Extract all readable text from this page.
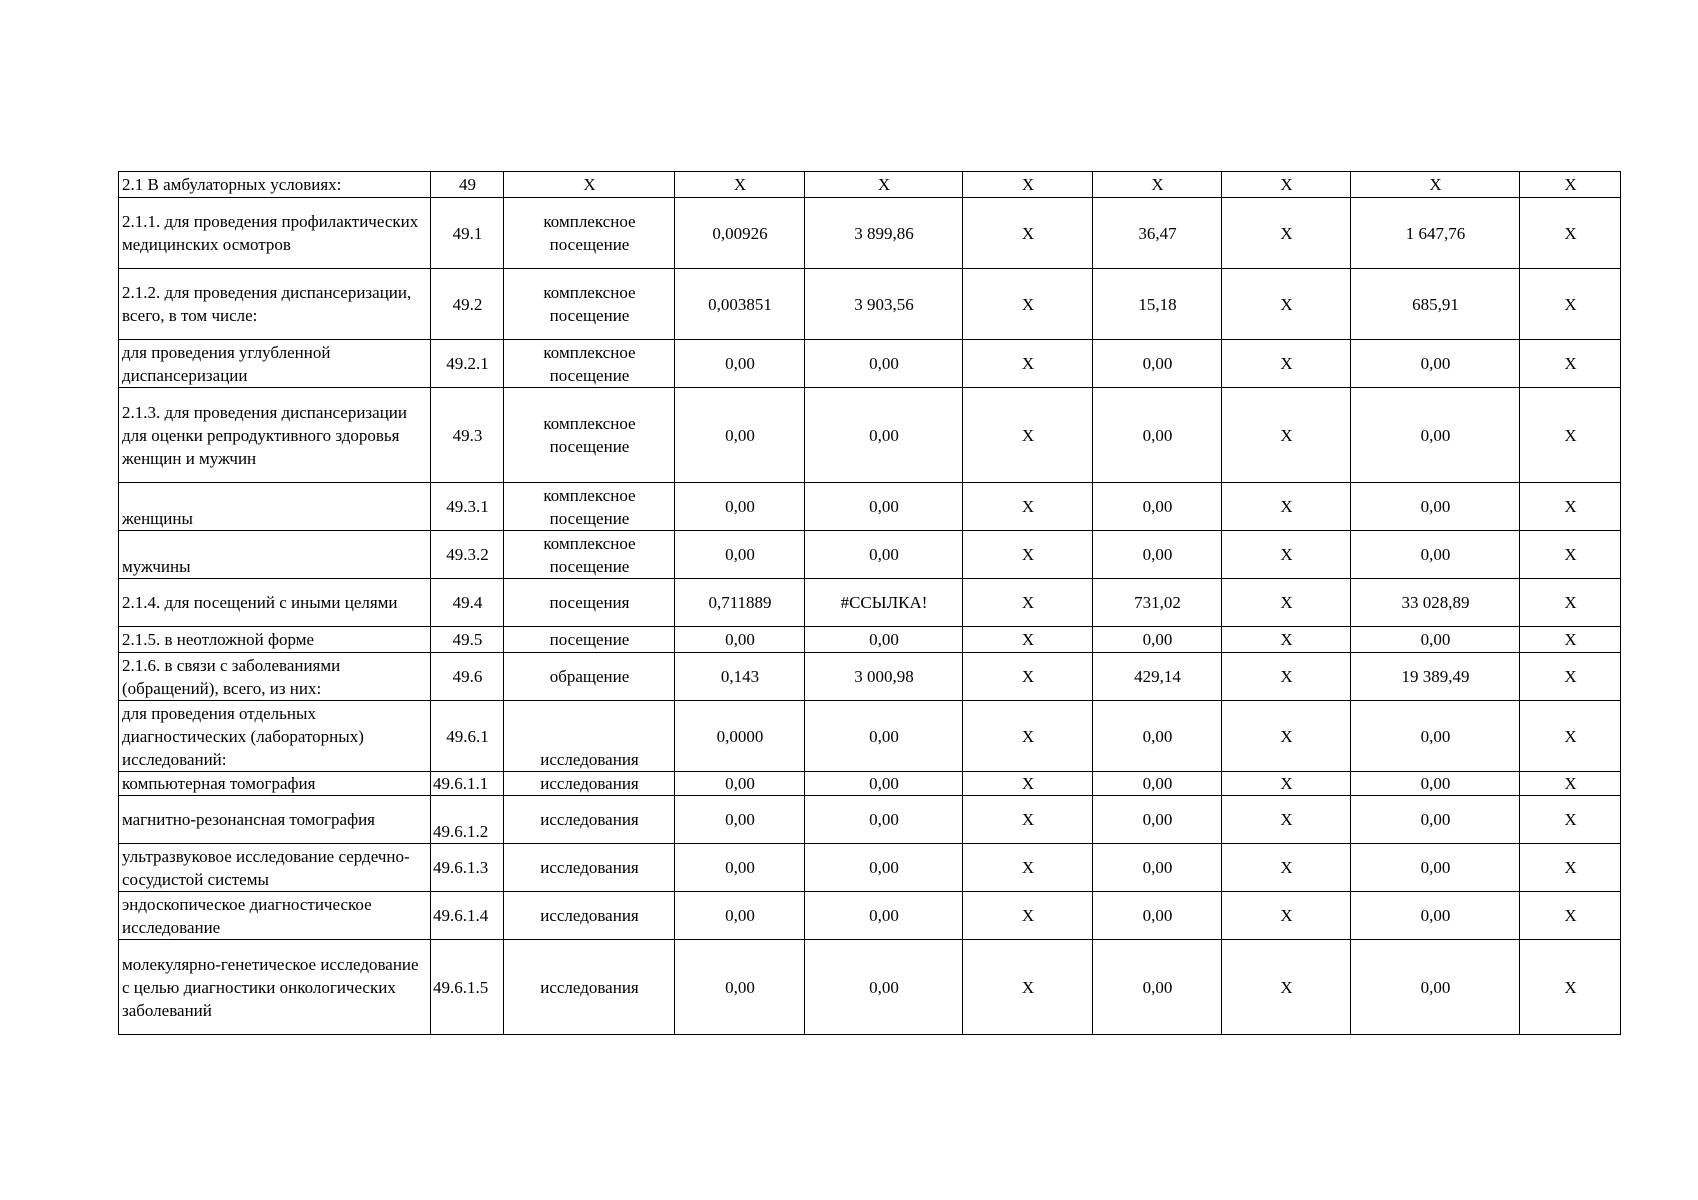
2.1 В амбулаторных условиях:	49	Х	Х	Х	Х	Х	Х	Х	Х
2.1.1. для проведения профилактических медицинских осмотров	49.1	комплексное посещение	0,00926	3 899,86	Х	36,47	Х	1 647,76	Х
2.1.2. для проведения диспансеризации, всего, в том числе:	49.2	комплексное посещение	0,003851	3 903,56	Х	15,18	Х	685,91	Х
для проведения углубленной диспансеризации	49.2.1	комплексное посещение	0,00	0,00	Х	0,00	Х	0,00	Х
2.1.3. для проведения диспансеризации для оценки репродуктивного здоровья женщин и мужчин	49.3	комплексное посещение	0,00	0,00	Х	0,00	Х	0,00	Х
женщины	49.3.1	комплексное посещение	0,00	0,00	Х	0,00	Х	0,00	Х
мужчины	49.3.2	комплексное посещение	0,00	0,00	Х	0,00	Х	0,00	Х
2.1.4. для посещений с иными целями	49.4	посещения	0,711889	#ССЫЛКА!	Х	731,02	Х	33 028,89	Х
2.1.5. в неотложной форме	49.5	посещение	0,00	0,00	Х	0,00	Х	0,00	Х
2.1.6. в связи с заболеваниями (обращений), всего, из них:	49.6	обращение	0,143	3 000,98	Х	429,14	Х	19 389,49	Х
для проведения отдельных диагностических (лабораторных) исследований:	49.6.1	исследования	0,0000	0,00	Х	0,00	Х	0,00	Х
компьютерная томография	49.6.1.1	исследования	0,00	0,00	Х	0,00	Х	0,00	Х
магнитно-резонансная томография	49.6.1.2	исследования	0,00	0,00	Х	0,00	Х	0,00	Х
ультразвуковое исследование сердечно-сосудистой системы	49.6.1.3	исследования	0,00	0,00	Х	0,00	Х	0,00	Х
эндоскопическое диагностическое исследование	49.6.1.4	исследования	0,00	0,00	Х	0,00	Х	0,00	Х
молекулярно-генетическое исследование с целью диагностики онкологических заболеваний	49.6.1.5	исследования	0,00	0,00	Х	0,00	Х	0,00	Х
